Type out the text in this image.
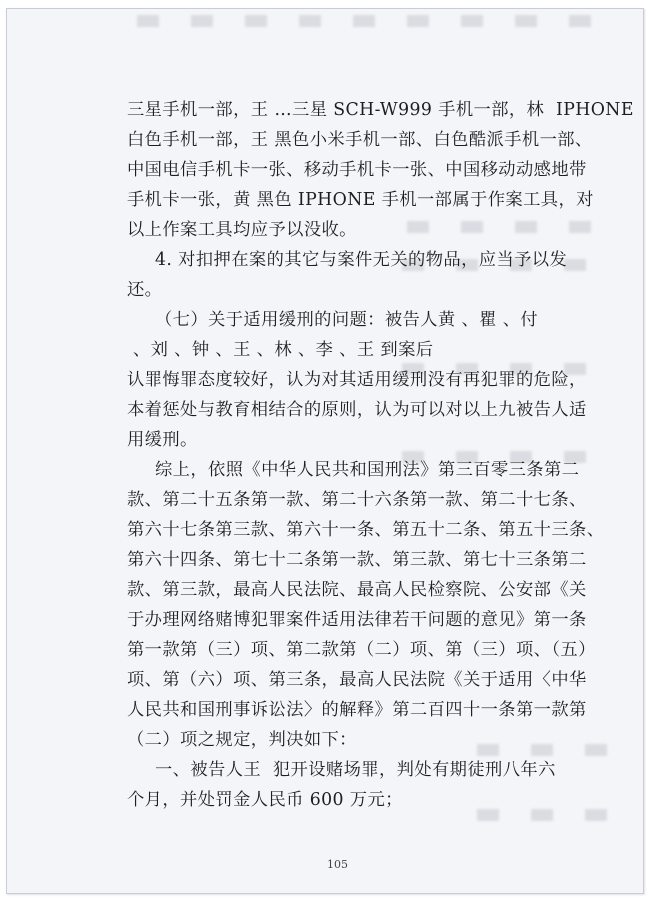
三星手机一部，王 …三星 SCH-W999 手机一部，林  IPHONE
白色手机一部，王 黑色小米手机一部、白色酷派手机一部、
中国电信手机卡一张、移动手机卡一张、中国移动动感地带
手机卡一张，黄 黑色 IPHONE 手机一部属于作案工具，对
以上作案工具均应予以没收。
4. 对扣押在案的其它与案件无关的物品，应当予以发
还。
（七）关于适用缓刑的问题：被告人黄 、瞿 、付
、刘 、钟 、王 、林 、李 、王 到案后
认罪悔罪态度较好，认为对其适用缓刑没有再犯罪的危险，
本着惩处与教育相结合的原则，认为可以对以上九被告人适
用缓刑。
综上，依照《中华人民共和国刑法》第三百零三条第二
款、第二十五条第一款、第二十六条第一款、第二十七条、
第六十七条第三款、第六十一条、第五十二条、第五十三条、
第六十四条、第七十二条第一款、第三款、第七十三条第二
款、第三款，最高人民法院、最高人民检察院、公安部《关
于办理网络赌博犯罪案件适用法律若干问题的意见》第一条
第一款第（三）项、第二款第（二）项、第（三）项、（五）
项、第（六）项、第三条，最高人民法院《关于适用〈中华
人民共和国刑事诉讼法〉的解释》第二百四十一条第一款第
（二）项之规定，判决如下：
一、被告人王  犯开设赌场罪，判处有期徒刑八年六
个月，并处罚金人民币 600 万元；
105
